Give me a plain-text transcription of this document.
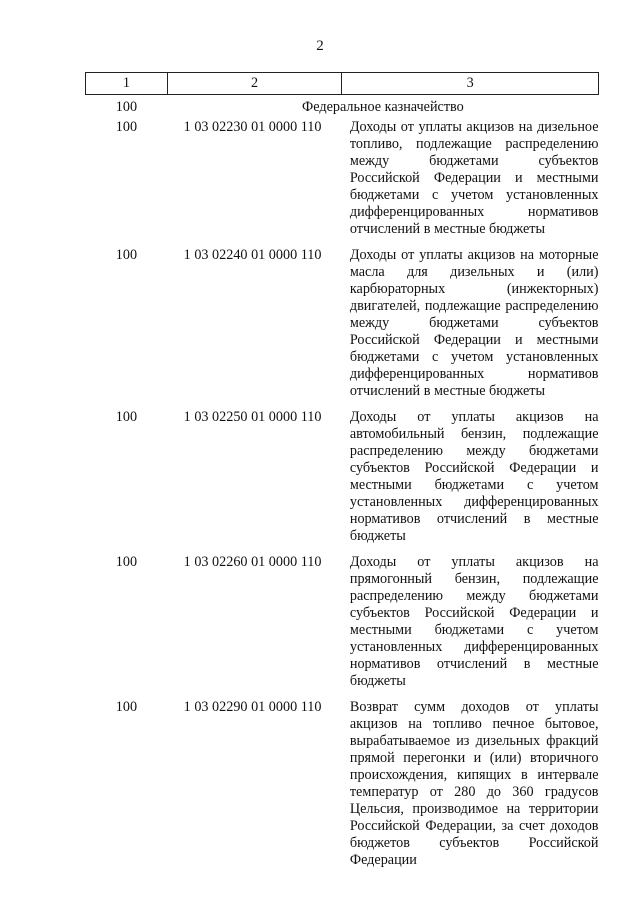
2
1	2	3
100	Федеральное казначейство	
100	1 03 02230 01 0000 110	Доходы от уплаты акцизов на дизельное топливо, подлежащие распределению между бюджетами субъектов Российской Федерации и местными бюджетами с учетом установленных дифференцированных нормативов отчислений в местные бюджеты
100	1 03 02240 01 0000 110	Доходы от уплаты акцизов на моторные масла для дизельных и (или) карбюраторных (инжекторных) двигателей, подлежащие распределению между бюджетами субъектов Российской Федерации и местными бюджетами с учетом установленных дифференцированных нормативов отчислений в местные бюджеты
100	1 03 02250 01 0000 110	Доходы от уплаты акцизов на автомобильный бензин, подлежащие распределению между бюджетами субъектов Российской Федерации и местными бюджетами с учетом установленных дифференцированных нормативов отчислений в местные бюджеты
100	1 03 02260 01 0000 110	Доходы от уплаты акцизов на прямогонный бензин, подлежащие распределению между бюджетами субъектов Российской Федерации и местными бюджетами с учетом установленных дифференцированных нормативов отчислений в местные бюджеты
100	1 03 02290 01 0000 110	Возврат сумм доходов от уплаты акцизов на топливо печное бытовое, вырабатываемое из дизельных фракций прямой перегонки и (или) вторичного происхождения, кипящих в интервале температур от 280 до 360 градусов Цельсия, производимое на территории Российской Федерации, за счет доходов бюджетов субъектов Российской Федерации
